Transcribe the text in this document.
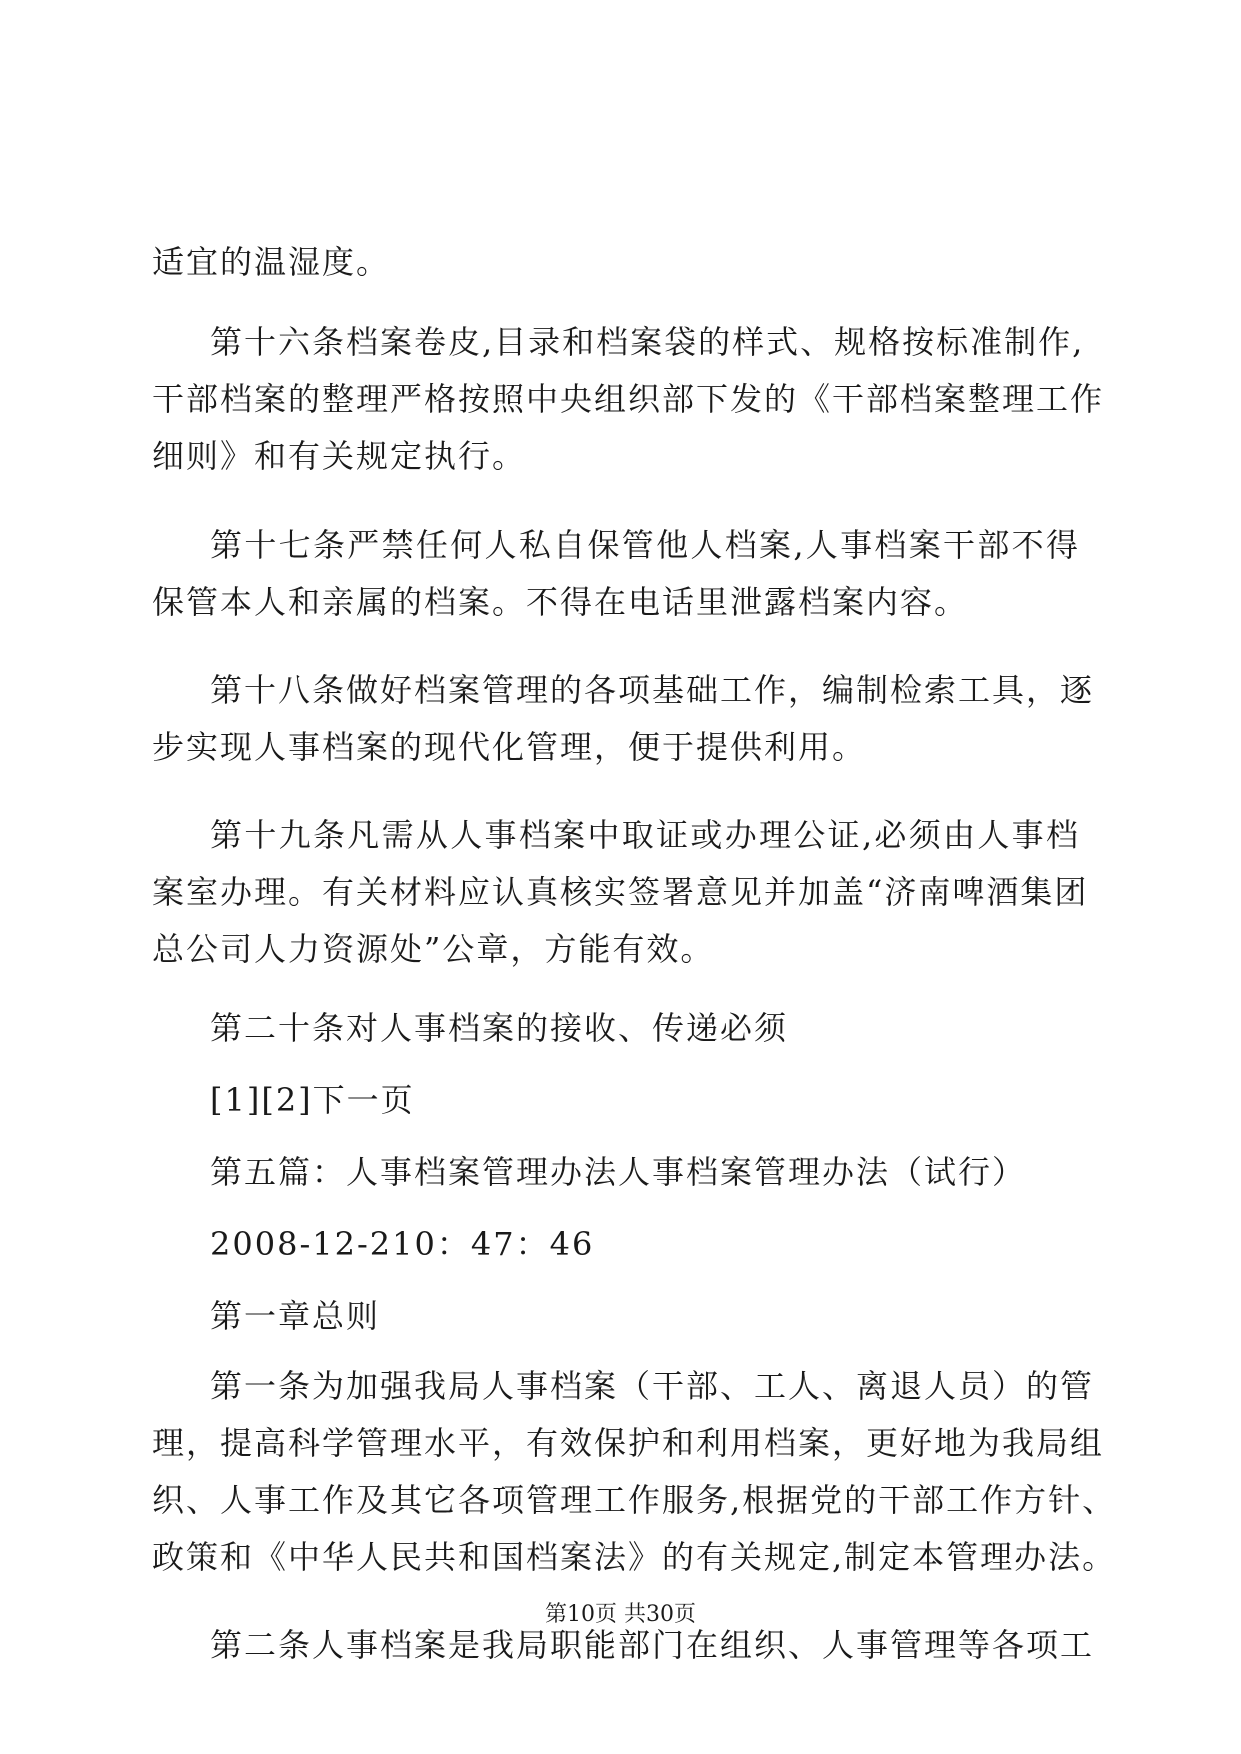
适宜的温湿度。
第十六条档案卷皮,目录和档案袋的样式、规格按标准制作,
干部档案的整理严格按照中央组织部下发的《干部档案整理工作
细则》和有关规定执行。
第十七条严禁任何人私自保管他人档案,人事档案干部不得
保管本人和亲属的档案。不得在电话里泄露档案内容。
第十八条做好档案管理的各项基础工作，编制检索工具，逐
步实现人事档案的现代化管理，便于提供利用。
第十九条凡需从人事档案中取证或办理公证,必须由人事档
案室办理。有关材料应认真核实签署意见并加盖“济南啤酒集团
总公司人力资源处”公章，方能有效。
第二十条对人事档案的接收、传递必须
[1][2]下一页
第五篇：人事档案管理办法人事档案管理办法（试行）
2008-12-210：47：46
第一章总则
第一条为加强我局人事档案（干部、工人、离退人员）的管
理，提高科学管理水平，有效保护和利用档案，更好地为我局组
织、人事工作及其它各项管理工作服务,根据党的干部工作方针、
政策和《中华人民共和国档案法》的有关规定,制定本管理办法。
第二条人事档案是我局职能部门在组织、人事管理等各项工
第10页 共30页
